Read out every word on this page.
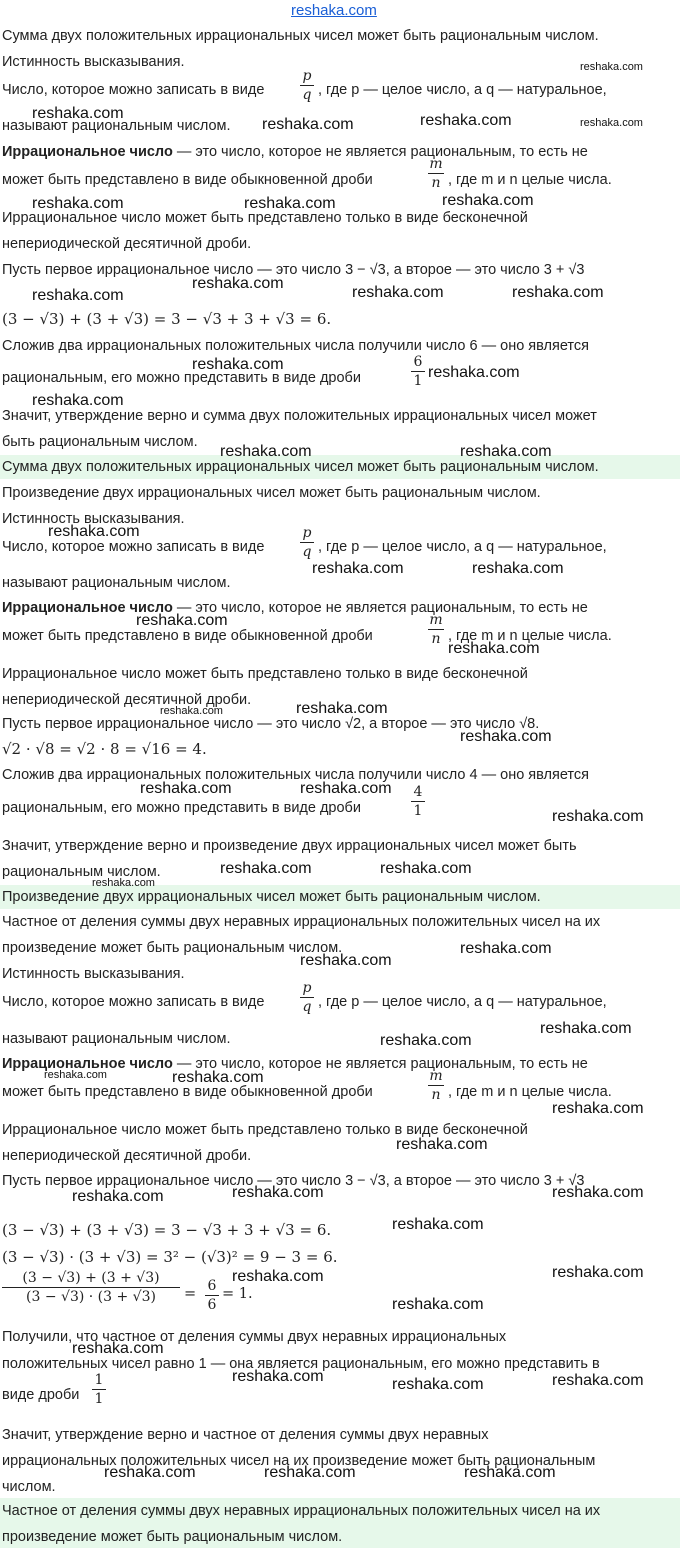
reshaka.com
Сумма двух положительных иррациональных чисел может быть рациональным числом.
Истинность высказывания.
Число, которое можно записать в виде
p
q , где p — целое число, а q — натуральное,
называют рациональным числом.
Иррациональное число — это число, которое не является рациональным, то есть не
может быть представлено в виде обыкновенной дроби
m
n , где m и n целые числа.
Иррациональное число может быть представлено только в виде бесконечной
непериодической десятичной дроби.
Пусть первое иррациональное число — это число 3 − √3, а второе — это число 3 + √3
(3 − √3) + (3 + √3) = 3 − √3 + 3 + √3 = 6.
Сложив два иррациональных положительных числа получили число 6 — оно является
рациональным, его можно представить в виде дроби
6
1
Значит, утверждение верно и сумма двух положительных иррациональных чисел может
быть рациональным числом.
Сумма двух положительных иррациональных чисел может быть рациональным числом.
Произведение двух иррациональных чисел может быть рациональным числом.
Истинность высказывания.
Число, которое можно записать в виде
p
q , где p — целое число, а q — натуральное,
называют рациональным числом.
Иррациональное число — это число, которое не является рациональным, то есть не
может быть представлено в виде обыкновенной дроби
m
n , где m и n целые числа.
Иррациональное число может быть представлено только в виде бесконечной
непериодической десятичной дроби.
Пусть первое иррациональное число — это число √2, а второе — это число √8.
√2 · √8 = √2 · 8 = √16 = 4.
Сложив два иррациональных положительных числа получили число 4 — оно является
рациональным, его можно представить в виде дроби
4
1
Значит, утверждение верно и произведение двух иррациональных чисел может быть
рациональным числом.
Произведение двух иррациональных чисел может быть рациональным числом.
Частное от деления суммы двух неравных иррациональных положительных чисел на их
произведение может быть рациональным числом.
Истинность высказывания.
Число, которое можно записать в виде
p
q , где p — целое число, а q — натуральное,
называют рациональным числом.
Иррациональное число — это число, которое не является рациональным, то есть не
может быть представлено в виде обыкновенной дроби
m
n , где m и n целые числа.
Иррациональное число может быть представлено только в виде бесконечной
непериодической десятичной дроби.
Пусть первое иррациональное число — это число 3 − √3, а второе — это число 3 + √3
(3 − √3) + (3 + √3) = 3 − √3 + 3 + √3 = 6.
(3 − √3) · (3 + √3) = 3² − (√3)² = 9 − 3 = 6.
(3 − √3) + (3 + √3)
(3 − √3) · (3 + √3)	= 6
6
= 1.
Получили, что частное от деления суммы двух неравных иррациональных
положительных чисел равно 1 — она является рациональным, его можно представить в
виде дроби
1
1
Значит, утверждение верно и частное от деления суммы двух неравных
иррациональных положительных чисел на их произведение может быть рациональным
числом.
Частное от деления суммы двух неравных иррациональных положительных чисел на их
произведение может быть рациональным числом.
reshaka.com
reshaka.com
reshaka.com
reshaka.com	reshaka.com
reshaka.com	reshaka.com	reshaka.com
reshaka.com
reshaka.com
reshaka.com	reshaka.com
reshaka.com
reshaka.com
reshaka.com
reshaka.com	reshaka.com
reshaka.com
reshaka.com	reshaka.com
reshaka.com
reshaka.com
reshaka.com
reshaka.com
reshaka.com
reshaka.com	reshaka.com
reshaka.com
reshaka.com	reshaka.com
reshaka.com
reshaka.com
reshaka.com
reshaka.com
reshaka.com
reshaka.com	reshaka.com
reshaka.com
reshaka.com
reshaka.com	reshaka.com	reshaka.com
reshaka.com
reshaka.com	reshaka.com
reshaka.com
reshaka.com
reshaka.com	reshaka.com	reshaka.com
reshaka.com	reshaka.com	reshaka.com
